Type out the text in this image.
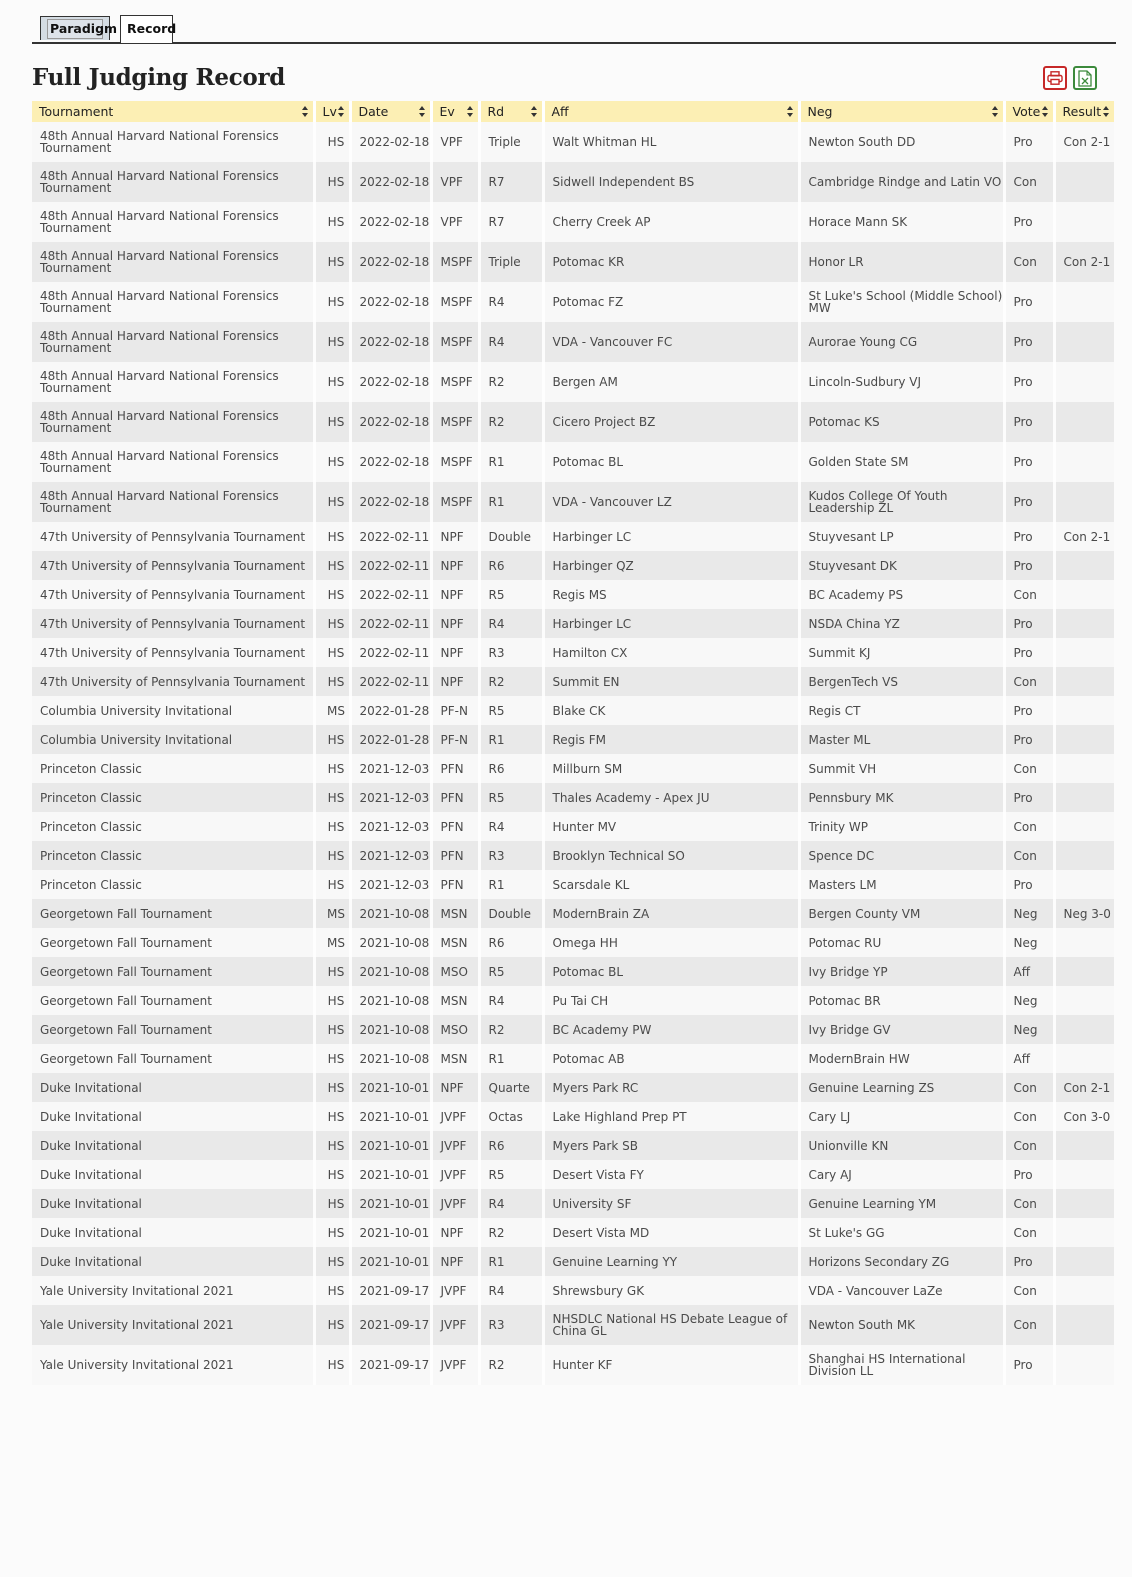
Paradigm Record
Full Judging Record
Tournament	Lv	Date	Ev	Rd	Aff	Neg	Vote	Result

48th Annual Harvard National Forensics Tournament	HS	2022-02-18	VPF	Triple	Walt Whitman HL	Newton South DD	Pro	Con 2-1
48th Annual Harvard National Forensics Tournament	HS	2022-02-18	VPF	R7	Sidwell Independent BS	Cambridge Rindge and Latin VO	Con	
48th Annual Harvard National Forensics Tournament	HS	2022-02-18	VPF	R7	Cherry Creek AP	Horace Mann SK	Pro	
48th Annual Harvard National Forensics Tournament	HS	2022-02-18	MSPF	Triple	Potomac KR	Honor LR	Con	Con 2-1
48th Annual Harvard National Forensics Tournament	HS	2022-02-18	MSPF	R4	Potomac FZ	St Luke's School (Middle School) MW	Pro	
48th Annual Harvard National Forensics Tournament	HS	2022-02-18	MSPF	R4	VDA - Vancouver FC	Aurorae Young CG	Pro	
48th Annual Harvard National Forensics Tournament	HS	2022-02-18	MSPF	R2	Bergen AM	Lincoln-Sudbury VJ	Pro	
48th Annual Harvard National Forensics Tournament	HS	2022-02-18	MSPF	R2	Cicero Project BZ	Potomac KS	Pro	
48th Annual Harvard National Forensics Tournament	HS	2022-02-18	MSPF	R1	Potomac BL	Golden State SM	Pro	
48th Annual Harvard National Forensics Tournament	HS	2022-02-18	MSPF	R1	VDA - Vancouver LZ	Kudos College Of Youth Leadership ZL	Pro	
47th University of Pennsylvania Tournament	HS	2022-02-11	NPF	Double	Harbinger LC	Stuyvesant LP	Pro	Con 2-1
47th University of Pennsylvania Tournament	HS	2022-02-11	NPF	R6	Harbinger QZ	Stuyvesant DK	Pro	
47th University of Pennsylvania Tournament	HS	2022-02-11	NPF	R5	Regis MS	BC Academy PS	Con	
47th University of Pennsylvania Tournament	HS	2022-02-11	NPF	R4	Harbinger LC	NSDA China YZ	Pro	
47th University of Pennsylvania Tournament	HS	2022-02-11	NPF	R3	Hamilton CX	Summit KJ	Pro	
47th University of Pennsylvania Tournament	HS	2022-02-11	NPF	R2	Summit EN	BergenTech VS	Con	
Columbia University Invitational	MS	2022-01-28	PF-N	R5	Blake CK	Regis CT	Pro	
Columbia University Invitational	HS	2022-01-28	PF-N	R1	Regis FM	Master ML	Pro	
Princeton Classic	HS	2021-12-03	PFN	R6	Millburn SM	Summit VH	Con	
Princeton Classic	HS	2021-12-03	PFN	R5	Thales Academy - Apex JU	Pennsbury MK	Pro	
Princeton Classic	HS	2021-12-03	PFN	R4	Hunter MV	Trinity WP	Con	
Princeton Classic	HS	2021-12-03	PFN	R3	Brooklyn Technical SO	Spence DC	Con	
Princeton Classic	HS	2021-12-03	PFN	R1	Scarsdale KL	Masters LM	Pro	
Georgetown Fall Tournament	MS	2021-10-08	MSN	Double	ModernBrain ZA	Bergen County VM	Neg	Neg 3-0
Georgetown Fall Tournament	MS	2021-10-08	MSN	R6	Omega HH	Potomac RU	Neg	
Georgetown Fall Tournament	HS	2021-10-08	MSO	R5	Potomac BL	Ivy Bridge YP	Aff	
Georgetown Fall Tournament	HS	2021-10-08	MSN	R4	Pu Tai CH	Potomac BR	Neg	
Georgetown Fall Tournament	HS	2021-10-08	MSO	R2	BC Academy PW	Ivy Bridge GV	Neg	
Georgetown Fall Tournament	HS	2021-10-08	MSN	R1	Potomac AB	ModernBrain HW	Aff	
Duke Invitational	HS	2021-10-01	NPF	Quarte	Myers Park RC	Genuine Learning ZS	Con	Con 2-1
Duke Invitational	HS	2021-10-01	JVPF	Octas	Lake Highland Prep PT	Cary LJ	Con	Con 3-0
Duke Invitational	HS	2021-10-01	JVPF	R6	Myers Park SB	Unionville KN	Con	
Duke Invitational	HS	2021-10-01	JVPF	R5	Desert Vista FY	Cary AJ	Pro	
Duke Invitational	HS	2021-10-01	JVPF	R4	University SF	Genuine Learning YM	Con	
Duke Invitational	HS	2021-10-01	NPF	R2	Desert Vista MD	St Luke's GG	Con	
Duke Invitational	HS	2021-10-01	NPF	R1	Genuine Learning YY	Horizons Secondary ZG	Pro	
Yale University Invitational 2021	HS	2021-09-17	JVPF	R4	Shrewsbury GK	VDA - Vancouver LaZe	Con	
Yale University Invitational 2021	HS	2021-09-17	JVPF	R3	NHSDLC National HS Debate League of China GL	Newton South MK	Con	
Yale University Invitational 2021	HS	2021-09-17	JVPF	R2	Hunter KF	Shanghai HS International Division LL	Pro	
